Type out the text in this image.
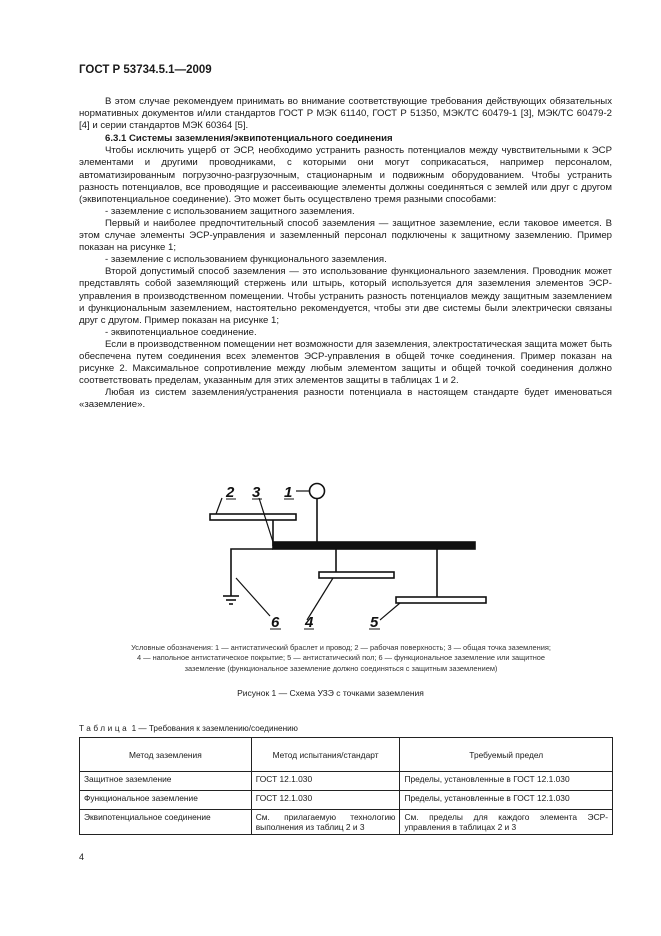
ГОСТ Р 53734.5.1—2009

В этом случае рекомендуем принимать во внимание соответствующие требования действующих обязательных нормативных документов и/или стандартов ГОСТ Р МЭК 61140, ГОСТ Р 51350, МЭК/ТС 60479-1 [3], МЭК/ТС 60479-2 [4] и серии стандартов МЭК 60364 [5].

6.3.1 Системы заземления/эквипотенциального соединения

Чтобы исключить ущерб от ЭСР, необходимо устранить разность потенциалов между чувствительными к ЭСР элементами и другими проводниками, с которыми они могут соприкасаться, например персоналом, автоматизированным погрузочно-разгрузочным, стационарным и подвижным оборудованием. Чтобы устранить разность потенциалов, все проводящие и рассеивающие элементы должны соединяться с землей или друг с другом (эквипотенциальное соединение). Это может быть осуществлено тремя разными способами:

- заземление с использованием защитного заземления.

Первый и наиболее предпочтительный способ заземления — защитное заземление, если таковое имеется. В этом случае элементы ЭСР-управления и заземленный персонал подключены к защитному заземлению. Пример показан на рисунке 1;

- заземление с использованием функционального заземления.

Второй допустимый способ заземления — это использование функционального заземления. Проводник может представлять собой заземляющий стержень или штырь, который используется для заземления элементов ЭСР-управления в производственном помещении. Чтобы устранить разность потенциалов между защитным заземлением и функциональным заземлением, настоятельно рекомендуется, чтобы эти две системы были электрически связаны друг с другом. Пример показан на рисунке 1;

- эквипотенциальное соединение.

Если в производственном помещении нет возможности для заземления, электростатическая защита может быть обеспечена путем соединения всех элементов ЭСР-управления в общей точке соединения. Пример показан на рисунке 2. Максимальное сопротивление между любым элементом защиты и общей точкой соединения должно соответствовать пределам, указанным для этих элементов защиты в таблицах 1 и 2.

Любая из систем заземления/устранения разности потенциала в настоящем стандарте будет именоваться «заземление».

1
2 3
4	5
6
Условные обозначения: 1 — антистатический браслет и провод; 2 — рабочая поверхность; 3 — общая точка заземления;
4 — напольное антистатическое покрытие; 5 — антистатический пол; 6 — функциональное заземление или защитное
заземление (функциональное заземление должно соединяться с защитным заземлением)
Рисунок 1 — Схема УЗЭ с точками заземления
Таблица 1 — Требования к заземлению/соединению
Метод заземления	Метод испытания/стандарт	Требуемый предел
Защитное заземление	ГОСТ 12.1.030	Пределы, установленные в ГОСТ 12.1.030
Функциональное заземление	ГОСТ 12.1.030	Пределы, установленные в ГОСТ 12.1.030
Эквипотенциальное соединение	См. прилагаемую технологию выполнения из таблиц 2 и 3	См. пределы для каждого элемента ЭСР-управления в таблицах 2 и 3
4
